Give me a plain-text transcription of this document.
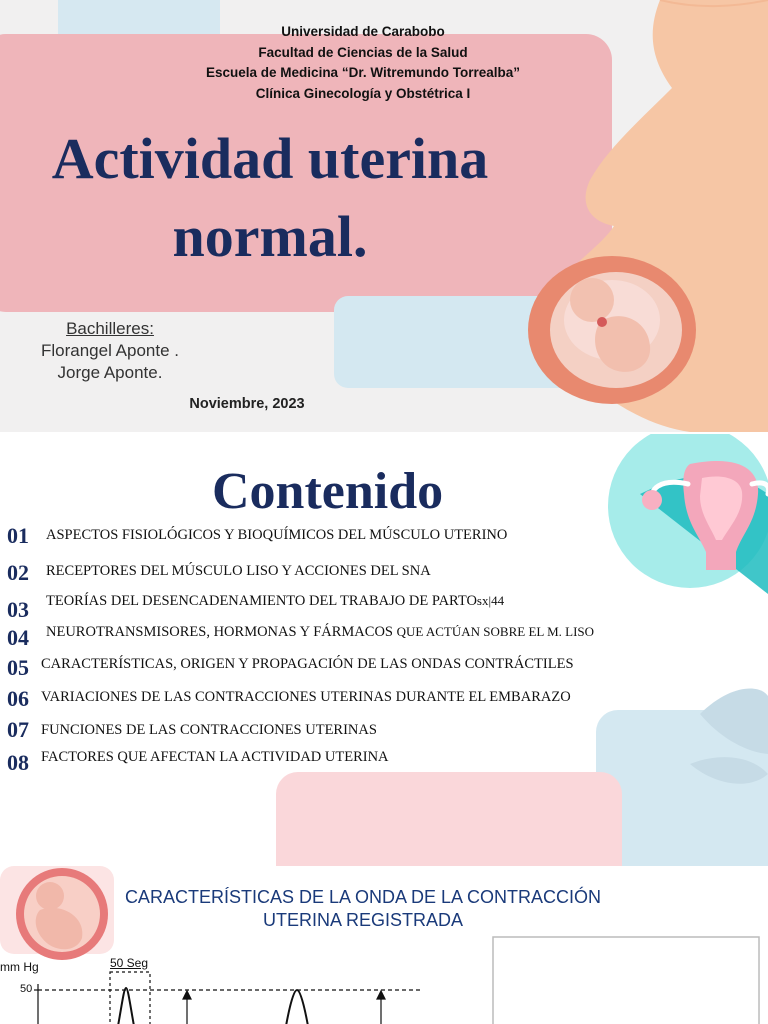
Universidad de Carabobo
Facultad de Ciencias de la Salud
Escuela de Medicina “Dr. Witremundo Torrealba”
Clínica Ginecología y Obstétrica I
Actividad uterina
normal.
Bachilleres:
Florangel Aponte .
Jorge Aponte.
Noviembre, 2023
Contenido
01 ASPECTOS FISIOLÓGICOS Y BIOQUÍMICOS DEL MÚSCULO UTERINO
02 RECEPTORES DEL MÚSCULO LISO Y ACCIONES DEL SNA
03 TEORÍAS DEL DESENCADENAMIENTO DEL TRABAJO DE PARTOsx|44
04 NEUROTRANSMISORES, HORMONAS Y FÁRMACOS QUE ACTÚAN SOBRE EL M. LISO
05 CARACTERÍSTICAS, ORIGEN Y PROPAGACIÓN DE LAS ONDAS CONTRÁCTILES
06 VARIACIONES DE LAS CONTRACCIONES UTERINAS DURANTE EL EMBARAZO
07 FUNCIONES DE LAS CONTRACCIONES UTERINAS
08 FACTORES QUE AFECTAN LA ACTIVIDAD UTERINA
CARACTERÍSTICAS DE LA ONDA DE LA CONTRACCIÓN
UTERINA REGISTRADA
mm Hg
50
50 Seg
